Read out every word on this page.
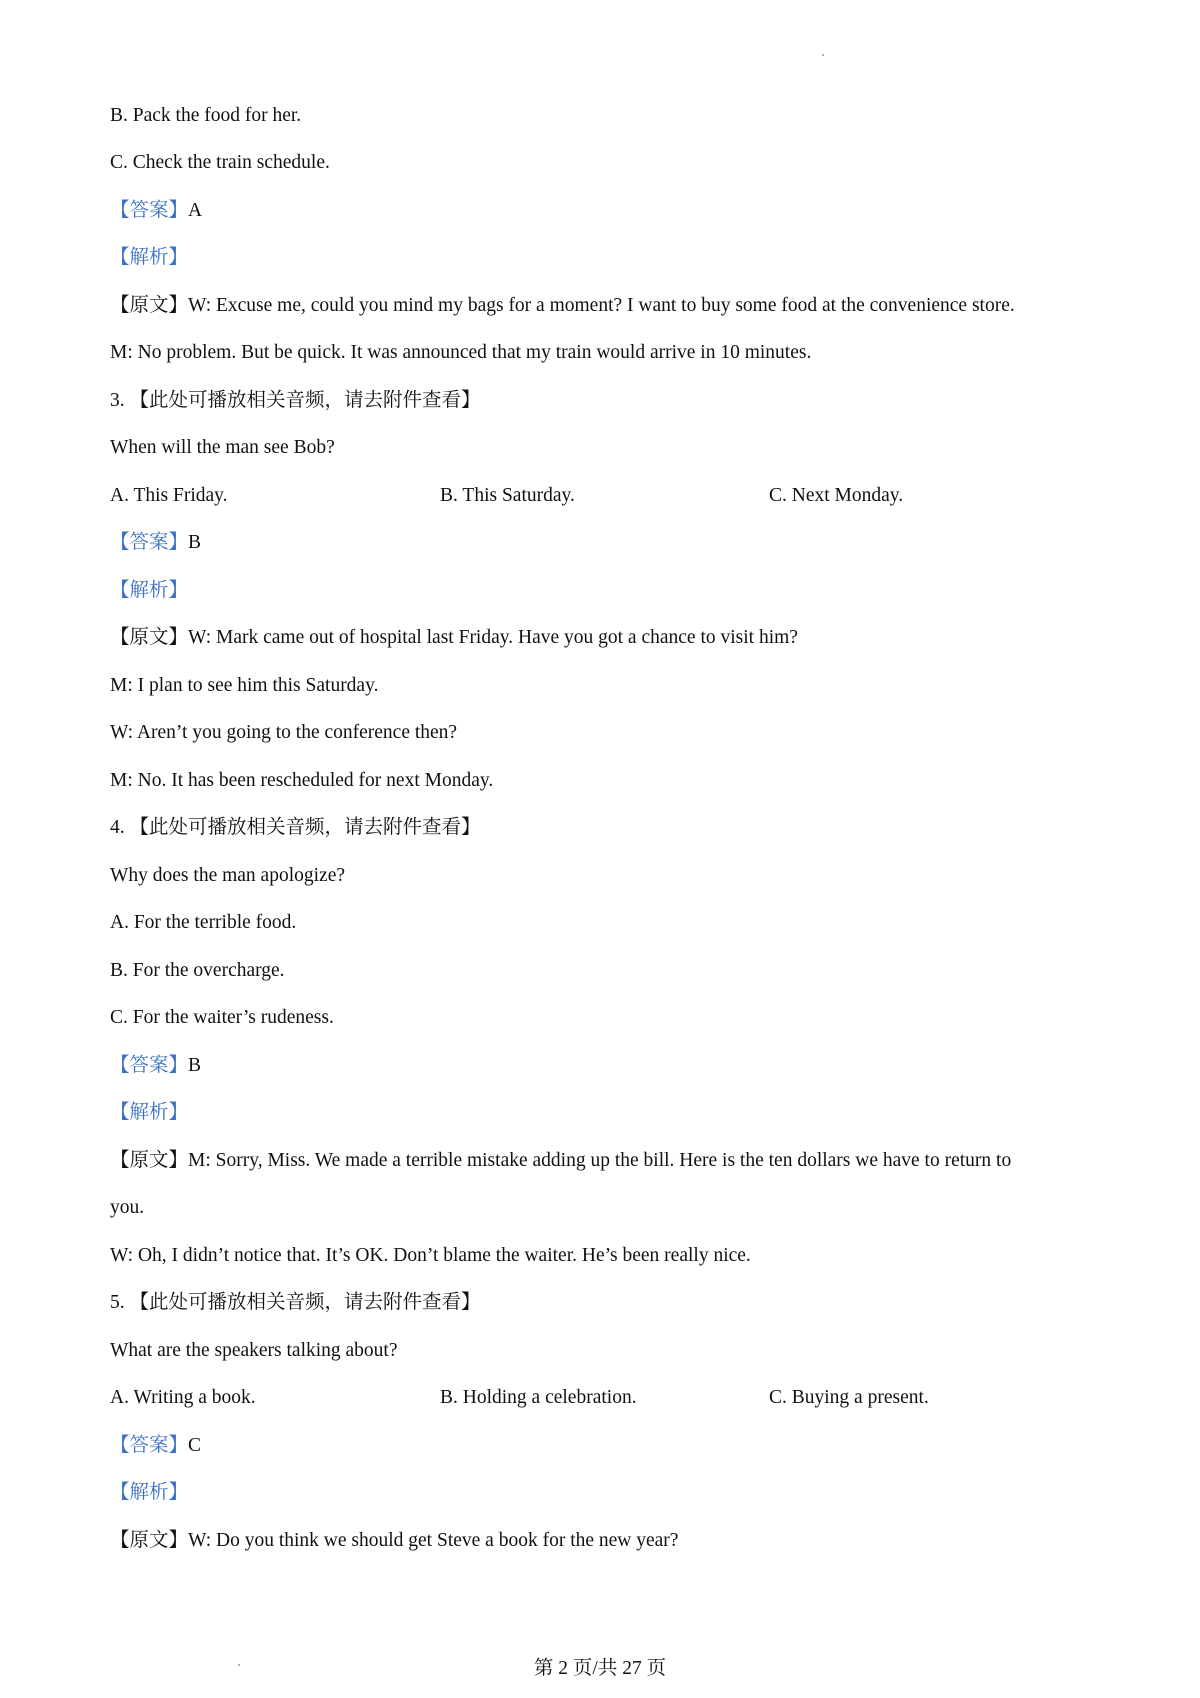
B. Pack the food for her.
C. Check the train schedule.
【答案】A
【解析】
【原文】W: Excuse me, could you mind my bags for a moment? I want to buy some food at the convenience store.
M: No problem. But be quick. It was announced that my train would arrive in 10 minutes.
3. 【此处可播放相关音频，请去附件查看】
When will the man see Bob?
A. This Friday.	B. This Saturday.	C. Next Monday.
【答案】B
【解析】
【原文】W: Mark came out of hospital last Friday. Have you got a chance to visit him?
M: I plan to see him this Saturday.
W: Aren’t you going to the conference then?
M: No. It has been rescheduled for next Monday.
4. 【此处可播放相关音频，请去附件查看】
Why does the man apologize?
A. For the terrible food.
B. For the overcharge.
C. For the waiter’s rudeness.
【答案】B
【解析】
【原文】M: Sorry, Miss. We made a terrible mistake adding up the bill. Here is the ten dollars we have to return to
you.
W: Oh, I didn’t notice that. It’s OK. Don’t blame the waiter. He’s been really nice.
5. 【此处可播放相关音频，请去附件查看】
What are the speakers talking about?
A. Writing a book.	B. Holding a celebration.	C. Buying a present.
【答案】C
【解析】
【原文】W: Do you think we should get Steve a book for the new year?
第 2 页/共 27 页
